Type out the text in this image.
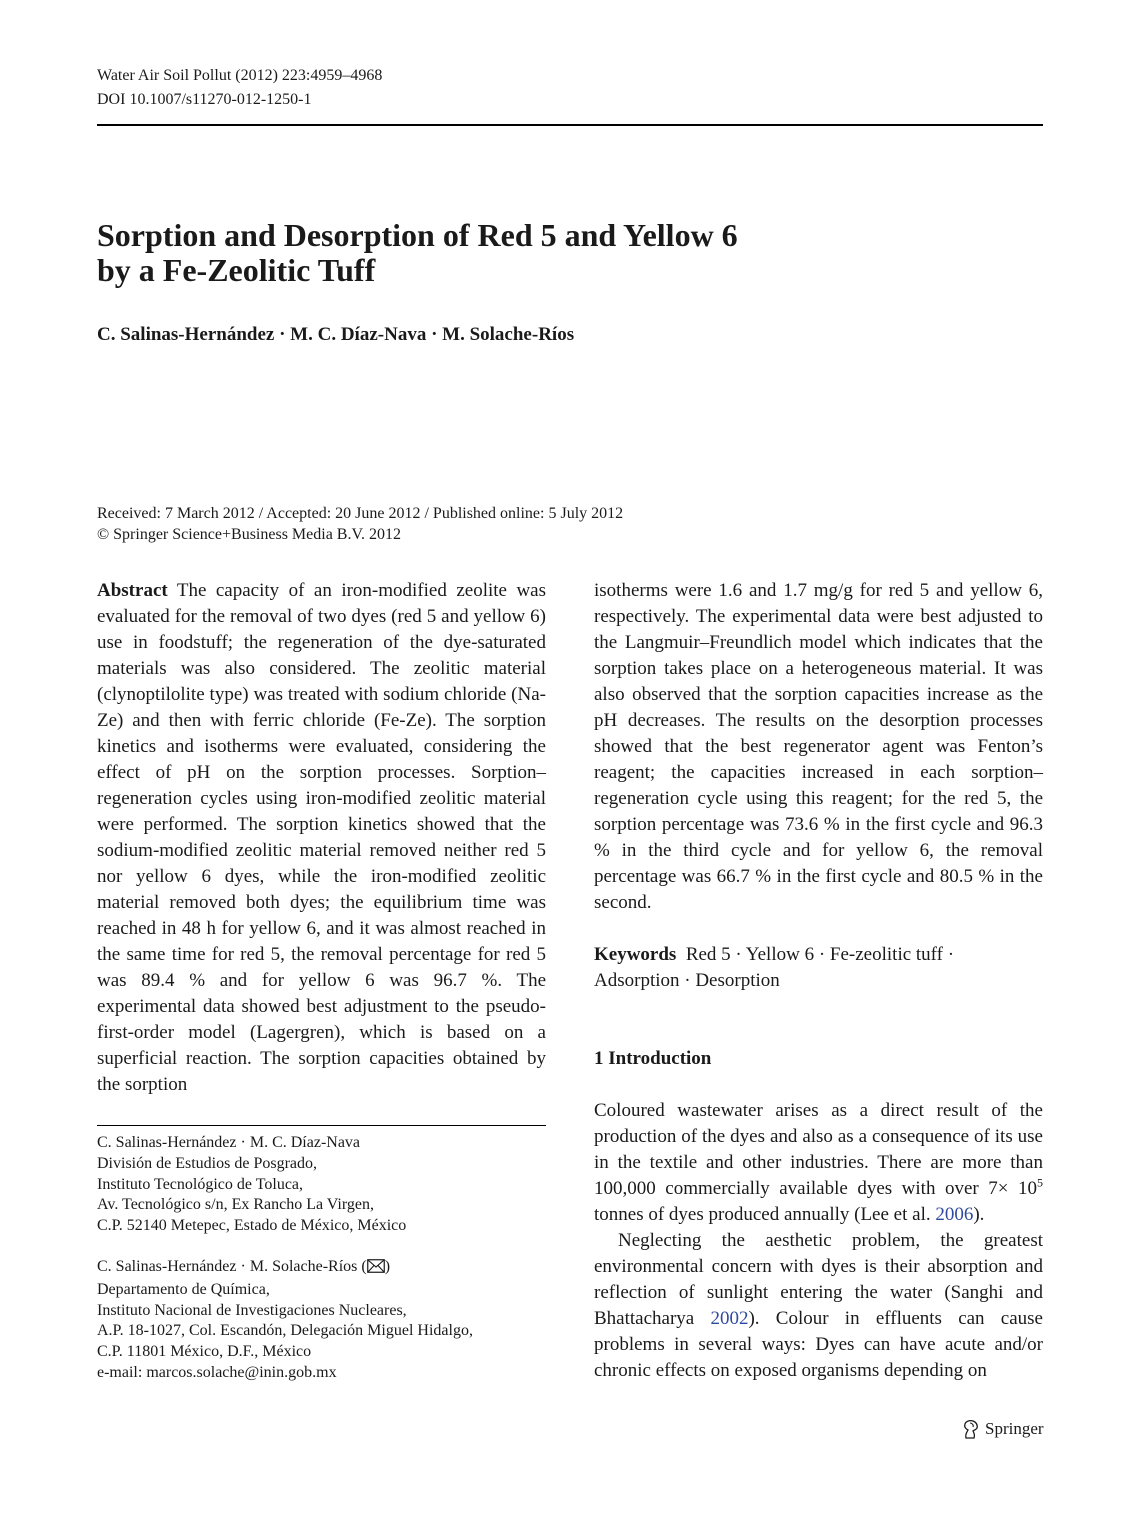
Water Air Soil Pollut (2012) 223:4959–4968
DOI 10.1007/s11270-012-1250-1
Sorption and Desorption of Red 5 and Yellow 6
by a Fe-Zeolitic Tuff
C. Salinas-Hernández · M. C. Díaz-Nava · M. Solache-Ríos
Received: 7 March 2012 / Accepted: 20 June 2012 / Published online: 5 July 2012
© Springer Science+Business Media B.V. 2012

Abstract The capacity of an iron-modified zeolite was evaluated for the removal of two dyes (red 5 and yellow 6) use in foodstuff; the regeneration of the dye-saturated materials was also considered. The zeolitic material (clynoptilolite type) was treated with sodium chloride (Na-Ze) and then with ferric chloride (Fe-Ze). The sorption kinetics and isotherms were evaluated, considering the effect of pH on the sorption processes. Sorption–regeneration cycles using iron-modified zeolitic material were performed. The sorption kinetics showed that the sodium-modified zeolitic material removed neither red 5 nor yellow 6 dyes, while the iron-modified zeolitic material removed both dyes; the equilibrium time was reached in 48 h for yellow 6, and it was almost reached in the same time for red 5, the removal percentage for red 5 was 89.4 % and for yellow 6 was 96.7 %. The experimental data showed best adjustment to the pseudo-first-order model (Lagergren), which is based on a superficial reaction. The sorption capacities obtained by the sorption

C. Salinas-Hernández · M. C. Díaz-Nava
División de Estudios de Posgrado,
Instituto Tecnológico de Toluca,
Av. Tecnológico s/n, Ex Rancho La Virgen,
C.P. 52140 Metepec, Estado de México, México

C. Salinas-Hernández · M. Solache-Ríos ( )
Departamento de Química,
Instituto Nacional de Investigaciones Nucleares,
A.P. 18-1027, Col. Escandón, Delegación Miguel Hidalgo,
C.P. 11801 México, D.F., México
e-mail: marcos.solache@inin.gob.mx

isotherms were 1.6 and 1.7 mg/g for red 5 and yellow 6, respectively. The experimental data were best adjusted to the Langmuir–Freundlich model which indicates that the sorption takes place on a heterogeneous material. It was also observed that the sorption capacities increase as the pH decreases. The results on the desorption processes showed that the best regenerator agent was Fenton’s reagent; the capacities increased in each sorption–regeneration cycle using this reagent; for the red 5, the sorption percentage was 73.6 % in the first cycle and 96.3 % in the third cycle and for yellow 6, the removal percentage was 66.7 % in the first cycle and 80.5 % in the second.

Keywords Red 5 · Yellow 6 · Fe-zeolitic tuff ·
Adsorption · Desorption
1 Introduction

Coloured wastewater arises as a direct result of the production of the dyes and also as a consequence of its use in the textile and other industries. There are more than 100,000 commercially available dyes with over $7\times 10^5$ tonnes of dyes produced annually (Lee et al. 2006).

Neglecting the aesthetic problem, the greatest environmental concern with dyes is their absorption and reflection of sunlight entering the water (Sanghi and Bhattacharya 2002). Colour in effluents can cause problems in several ways: Dyes can have acute and/or chronic effects on exposed organisms depending on

Springer
